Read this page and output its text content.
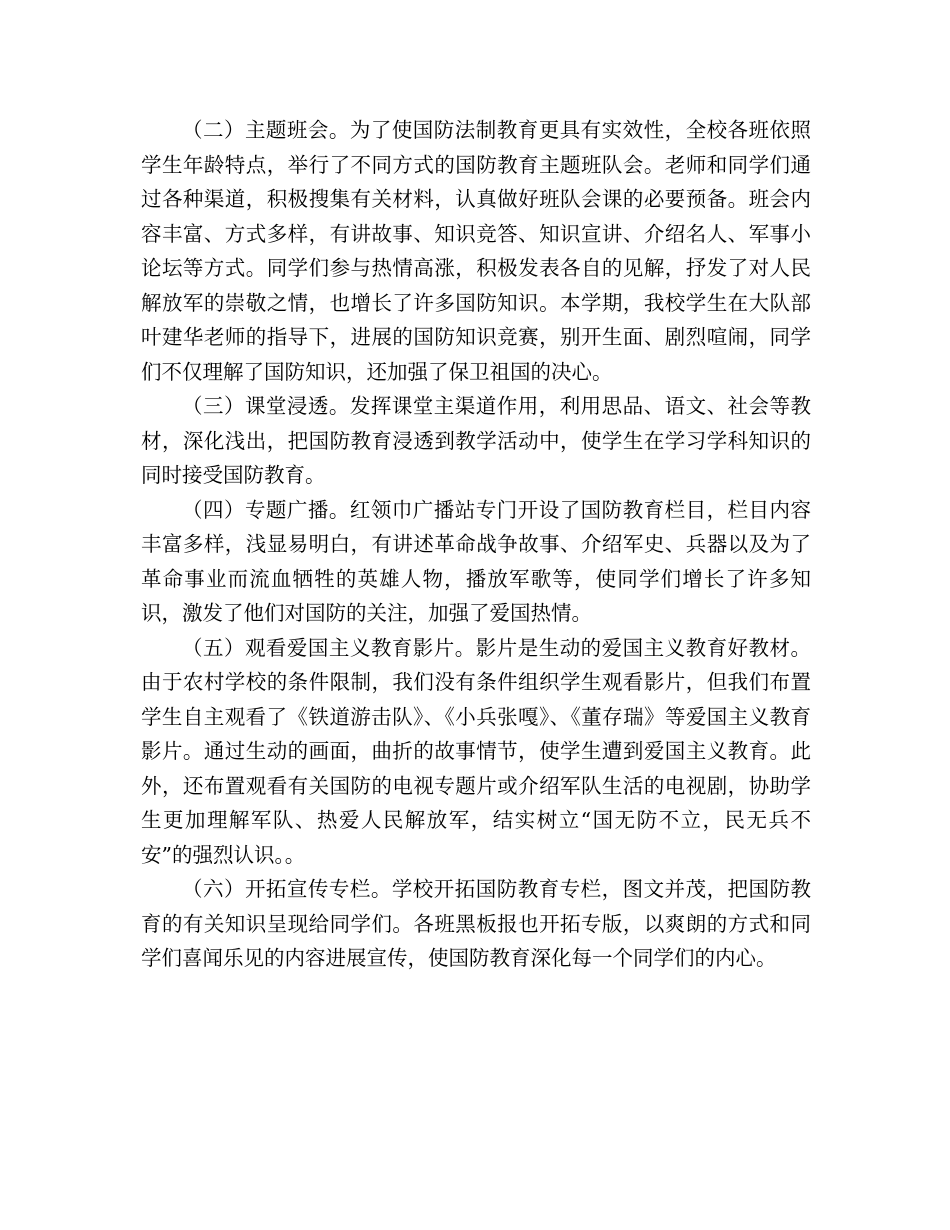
（二）主题班会。为了使国防法制教育更具有实效性，全校各班依照学生年龄特点，举行了不同方式的国防教育主题班队会。老师和同学们通过各种渠道，积极搜集有关材料，认真做好班队会课的必要预备。班会内容丰富、方式多样，有讲故事、知识竞答、知识宣讲、介绍名人、军事小论坛等方式。同学们参与热情高涨，积极发表各自的见解，抒发了对人民解放军的崇敬之情，也增长了许多国防知识。本学期，我校学生在大队部叶建华老师的指导下，进展的国防知识竞赛，别开生面、剧烈喧闹，同学们不仅理解了国防知识，还加强了保卫祖国的决心。

（三）课堂浸透。发挥课堂主渠道作用，利用思品、语文、社会等教材，深化浅出，把国防教育浸透到教学活动中，使学生在学习学科知识的同时接受国防教育。

（四）专题广播。红领巾广播站专门开设了国防教育栏目，栏目内容丰富多样，浅显易明白，有讲述革命战争故事、介绍军史、兵器以及为了革命事业而流血牺牲的英雄人物，播放军歌等，使同学们增长了许多知识，激发了他们对国防的关注，加强了爱国热情。

（五）观看爱国主义教育影片。影片是生动的爱国主义教育好教材。由于农村学校的条件限制，我们没有条件组织学生观看影片，但我们布置学生自主观看了《铁道游击队》、《小兵张嘎》、《董存瑞》等爱国主义教育影片。通过生动的画面，曲折的故事情节，使学生遭到爱国主义教育。此外，还布置观看有关国防的电视专题片或介绍军队生活的电视剧，协助学生更加理解军队、热爱人民解放军，结实树立“国无防不立，民无兵不安”的强烈认识。。

（六）开拓宣传专栏。学校开拓国防教育专栏，图文并茂，把国防教育的有关知识呈现给同学们。各班黑板报也开拓专版，以爽朗的方式和同学们喜闻乐见的内容进展宣传，使国防教育深化每一个同学们的内心。
